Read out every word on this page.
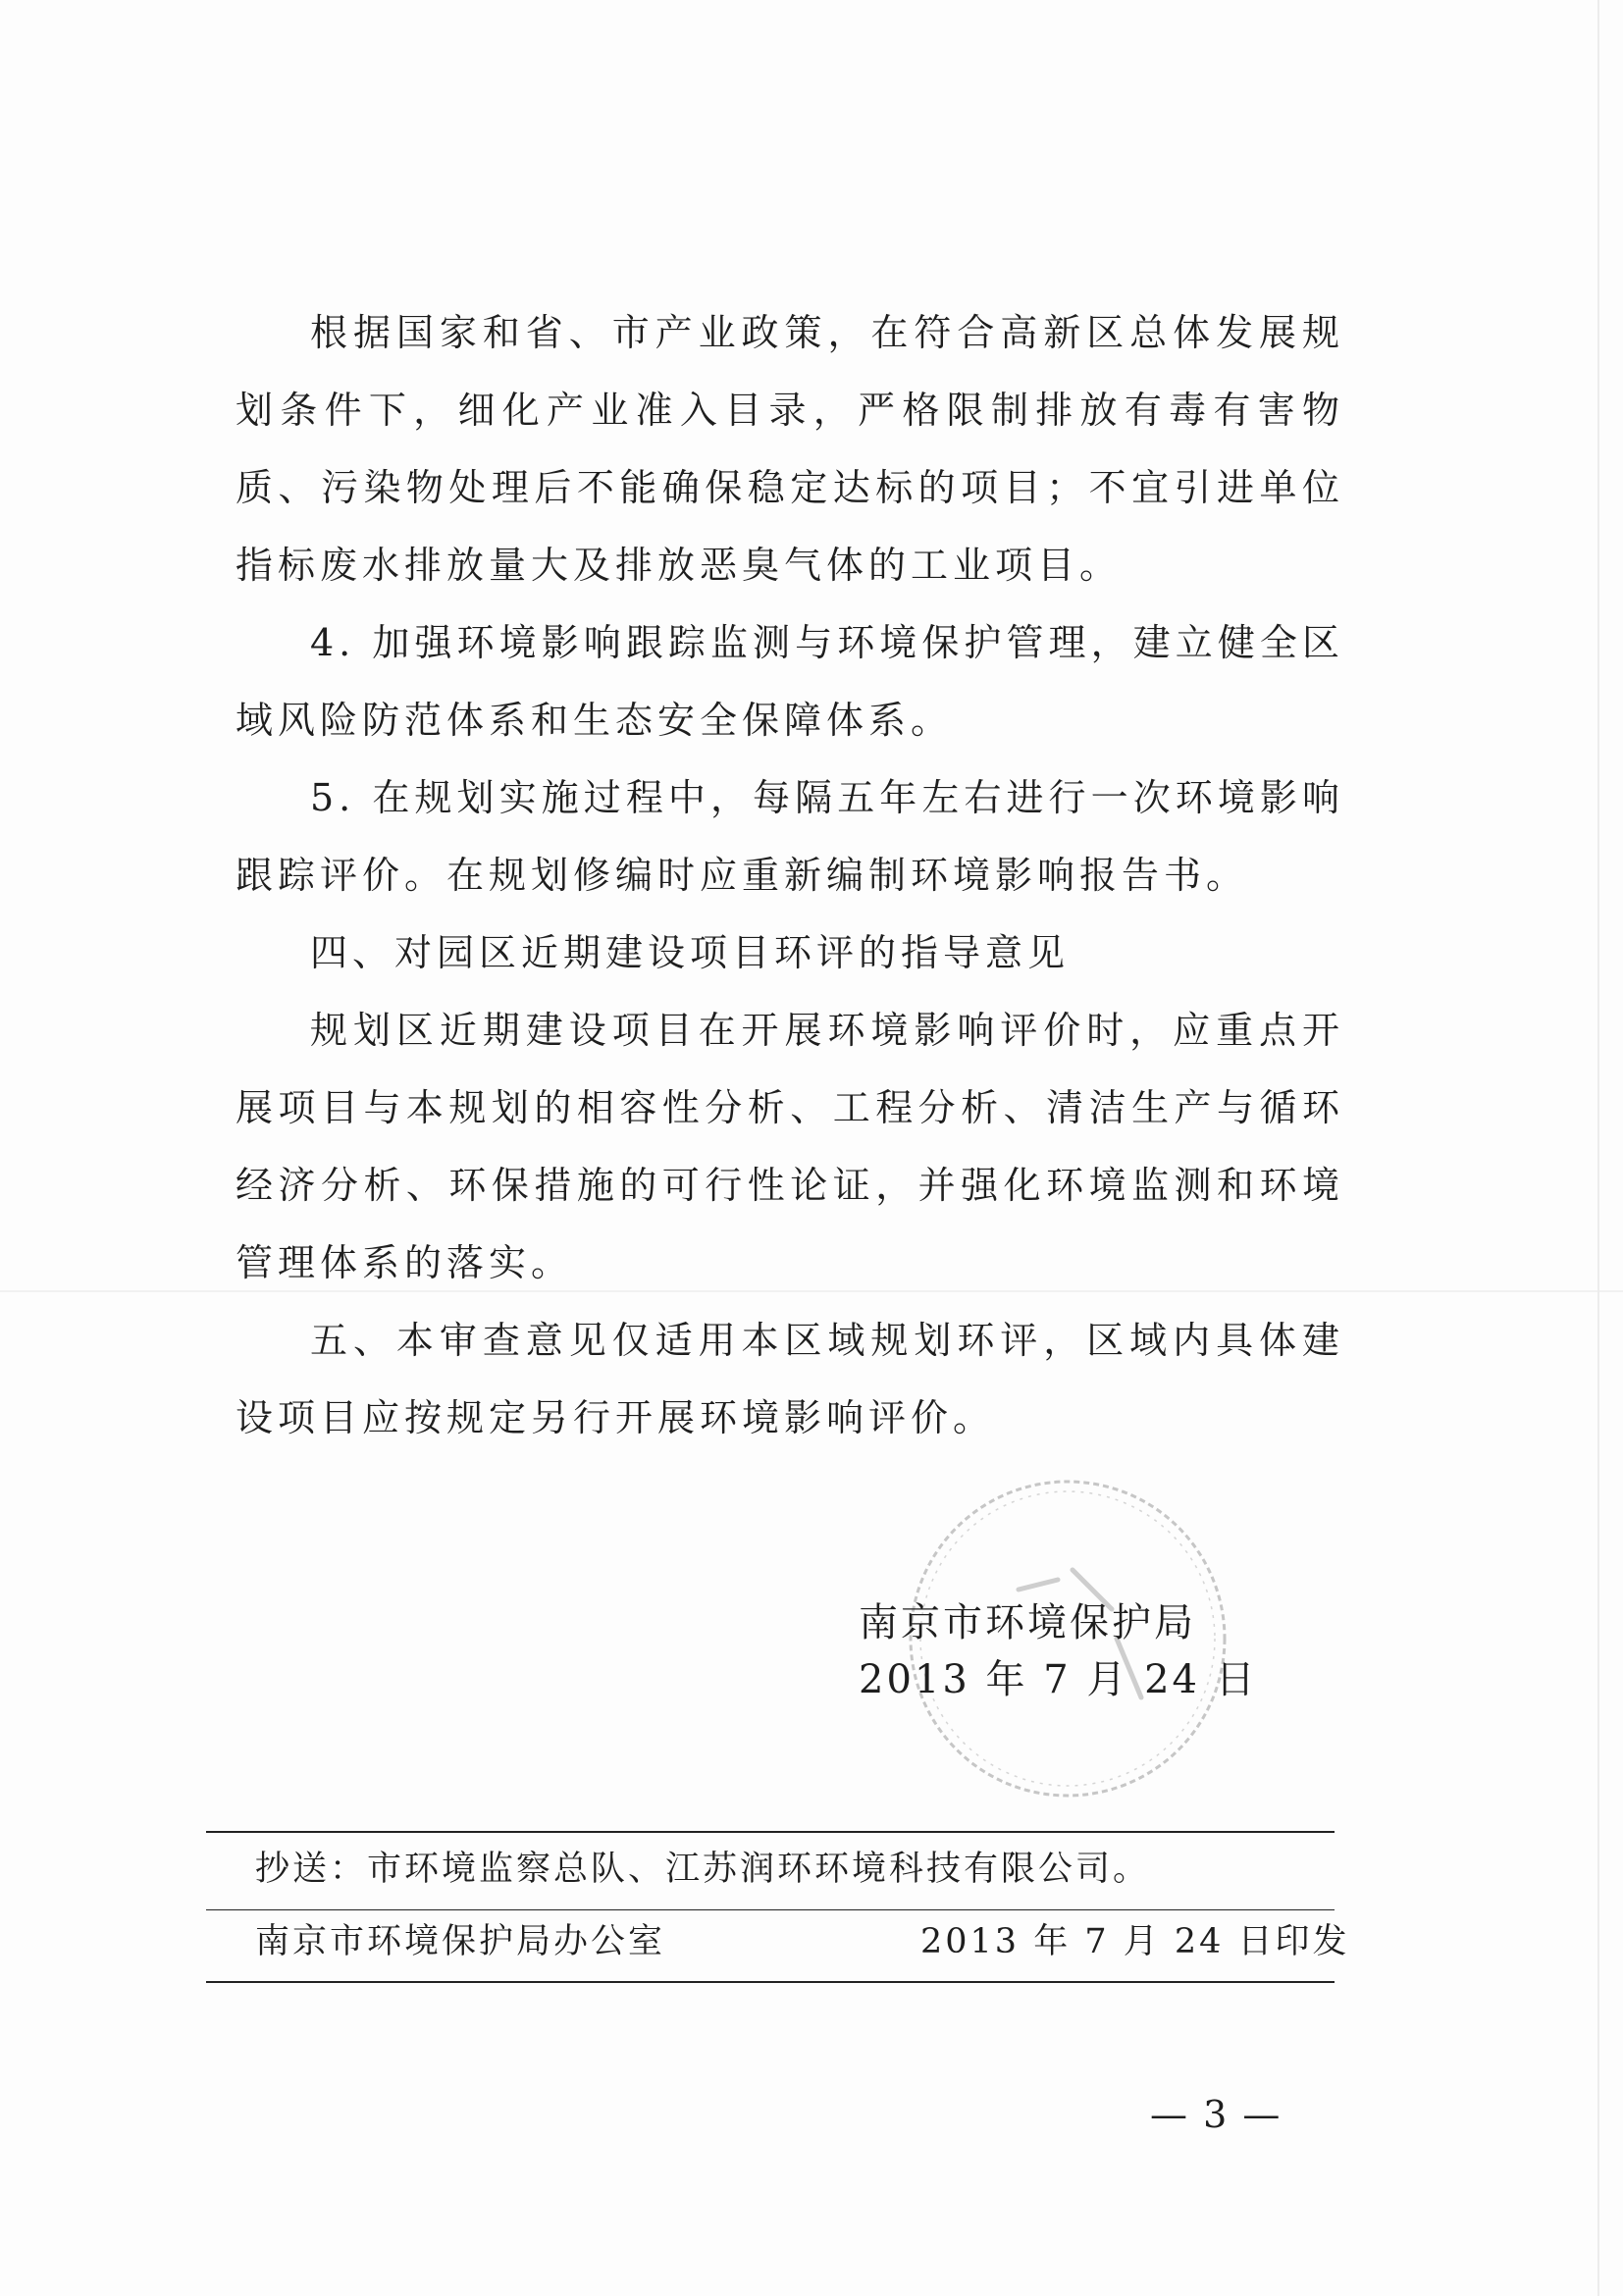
根据国家和省、市产业政策，在符合高新区总体发展规划条件下，细化产业准入目录，严格限制排放有毒有害物质、污染物处理后不能确保稳定达标的项目；不宜引进单位指标废水排放量大及排放恶臭气体的工业项目。

4. 加强环境影响跟踪监测与环境保护管理，建立健全区域风险防范体系和生态安全保障体系。

5. 在规划实施过程中，每隔五年左右进行一次环境影响跟踪评价。在规划修编时应重新编制环境影响报告书。

四、对园区近期建设项目环评的指导意见

规划区近期建设项目在开展环境影响评价时，应重点开展项目与本规划的相容性分析、工程分析、清洁生产与循环经济分析、环保措施的可行性论证，并强化环境监测和环境管理体系的落实。

五、本审查意见仅适用本区域规划环评，区域内具体建设项目应按规定另行开展环境影响评价。

南京市环境保护局
2013 年 7 月 24 日
抄送：市环境监察总队、江苏润环环境科技有限公司。
南京市环境保护局办公室	2013 年 7 月 24 日印发
— 3 —
